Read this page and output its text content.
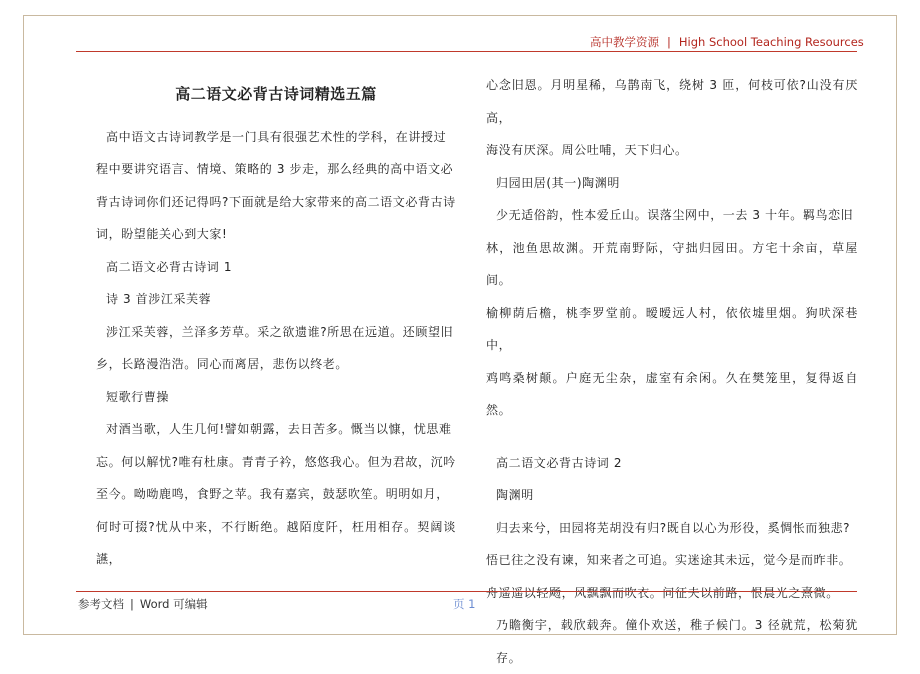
高中教学资源 | High School Teaching Resources
高二语文必背古诗词精选五篇

高中语文古诗词教学是一门具有很强艺术性的学科，在讲授过

程中要讲究语言、情境、策略的 3 步走，那么经典的高中语文必

背古诗词你们还记得吗?下面就是给大家带来的高二语文必背古诗

词，盼望能关心到大家!

高二语文必背古诗词 1

诗 3 首涉江采芙蓉

涉江采芙蓉，兰泽多芳草。采之欲遗谁?所思在远道。还顾望旧

乡，长路漫浩浩。同心而离居，悲伤以终老。

短歌行曹操

对酒当歌，人生几何!譬如朝露，去日苦多。慨当以慷，忧思难

忘。何以解忧?唯有杜康。青青子衿，悠悠我心。但为君故，沉吟

至今。呦呦鹿鸣，食野之苹。我有嘉宾，鼓瑟吹笙。明明如月，

何时可掇?忧从中来，不行断绝。越陌度阡，枉用相存。契阔谈讌，

心念旧恩。月明星稀，乌鹊南飞，绕树 3 匝，何枝可依?山没有厌高，

海没有厌深。周公吐哺，天下归心。

归园田居(其一)陶渊明

少无适俗韵，性本爱丘山。误落尘网中，一去 3 十年。羁鸟恋旧

林，池鱼思故渊。开荒南野际，守拙归园田。方宅十余亩，草屋间。

榆柳荫后檐，桃李罗堂前。暧暧远人村，依依墟里烟。狗吠深巷中，

鸡鸣桑树颠。户庭无尘杂，虚室有余闲。久在樊笼里，复得返自然。

高二语文必背古诗词 2

陶渊明

归去来兮，田园将芜胡没有归?既自以心为形役，奚惆怅而独悲?

悟已往之没有谏，知来者之可追。实迷途其未远，觉今是而昨非。

舟遥遥以轻飏，风飘飘而吹衣。问征夫以前路，恨晨光之熹微。

乃瞻衡宇，载欣载奔。僮仆欢送，稚子候门。3 径就荒，松菊犹存。

参考文档 | Word 可编辑	页 1
